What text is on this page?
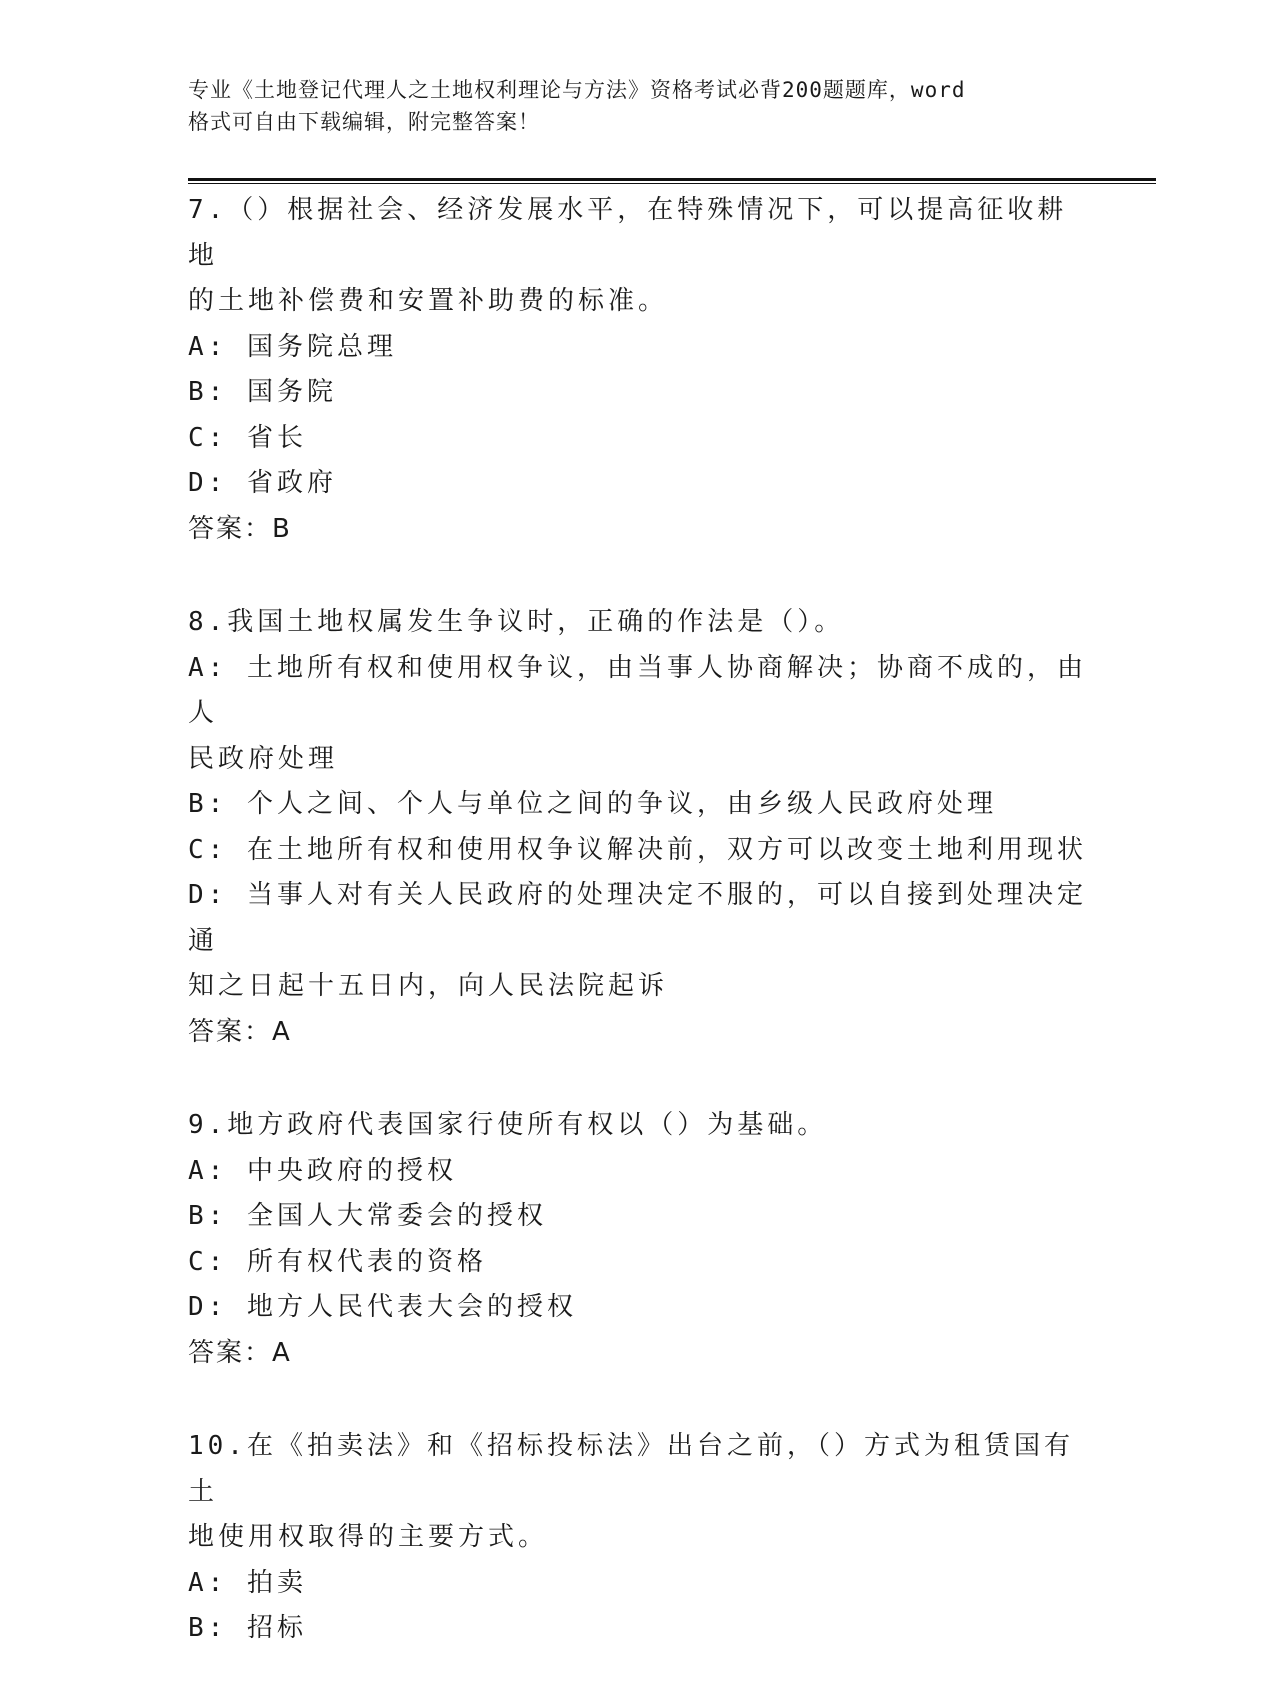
专业《土地登记代理人之土地权利理论与方法》资格考试必背200题题库，word
格式可自由下载编辑，附完整答案！
7.（）根据社会、经济发展水平，在特殊情况下，可以提高征收耕地
的土地补偿费和安置补助费的标准。
A: 国务院总理
B: 国务院
C: 省长
D: 省政府
答案：B
8.我国土地权属发生争议时，正确的作法是（）。
A: 土地所有权和使用权争议，由当事人协商解决；协商不成的，由人
民政府处理
B: 个人之间、个人与单位之间的争议，由乡级人民政府处理
C: 在土地所有权和使用权争议解决前，双方可以改变土地利用现状
D: 当事人对有关人民政府的处理决定不服的，可以自接到处理决定通
知之日起十五日内，向人民法院起诉
答案：A
9.地方政府代表国家行使所有权以（）为基础。
A: 中央政府的授权
B: 全国人大常委会的授权
C: 所有权代表的资格
D: 地方人民代表大会的授权
答案：A
10.在《拍卖法》和《招标投标法》出台之前，（）方式为租赁国有土
地使用权取得的主要方式。
A: 拍卖
B: 招标
